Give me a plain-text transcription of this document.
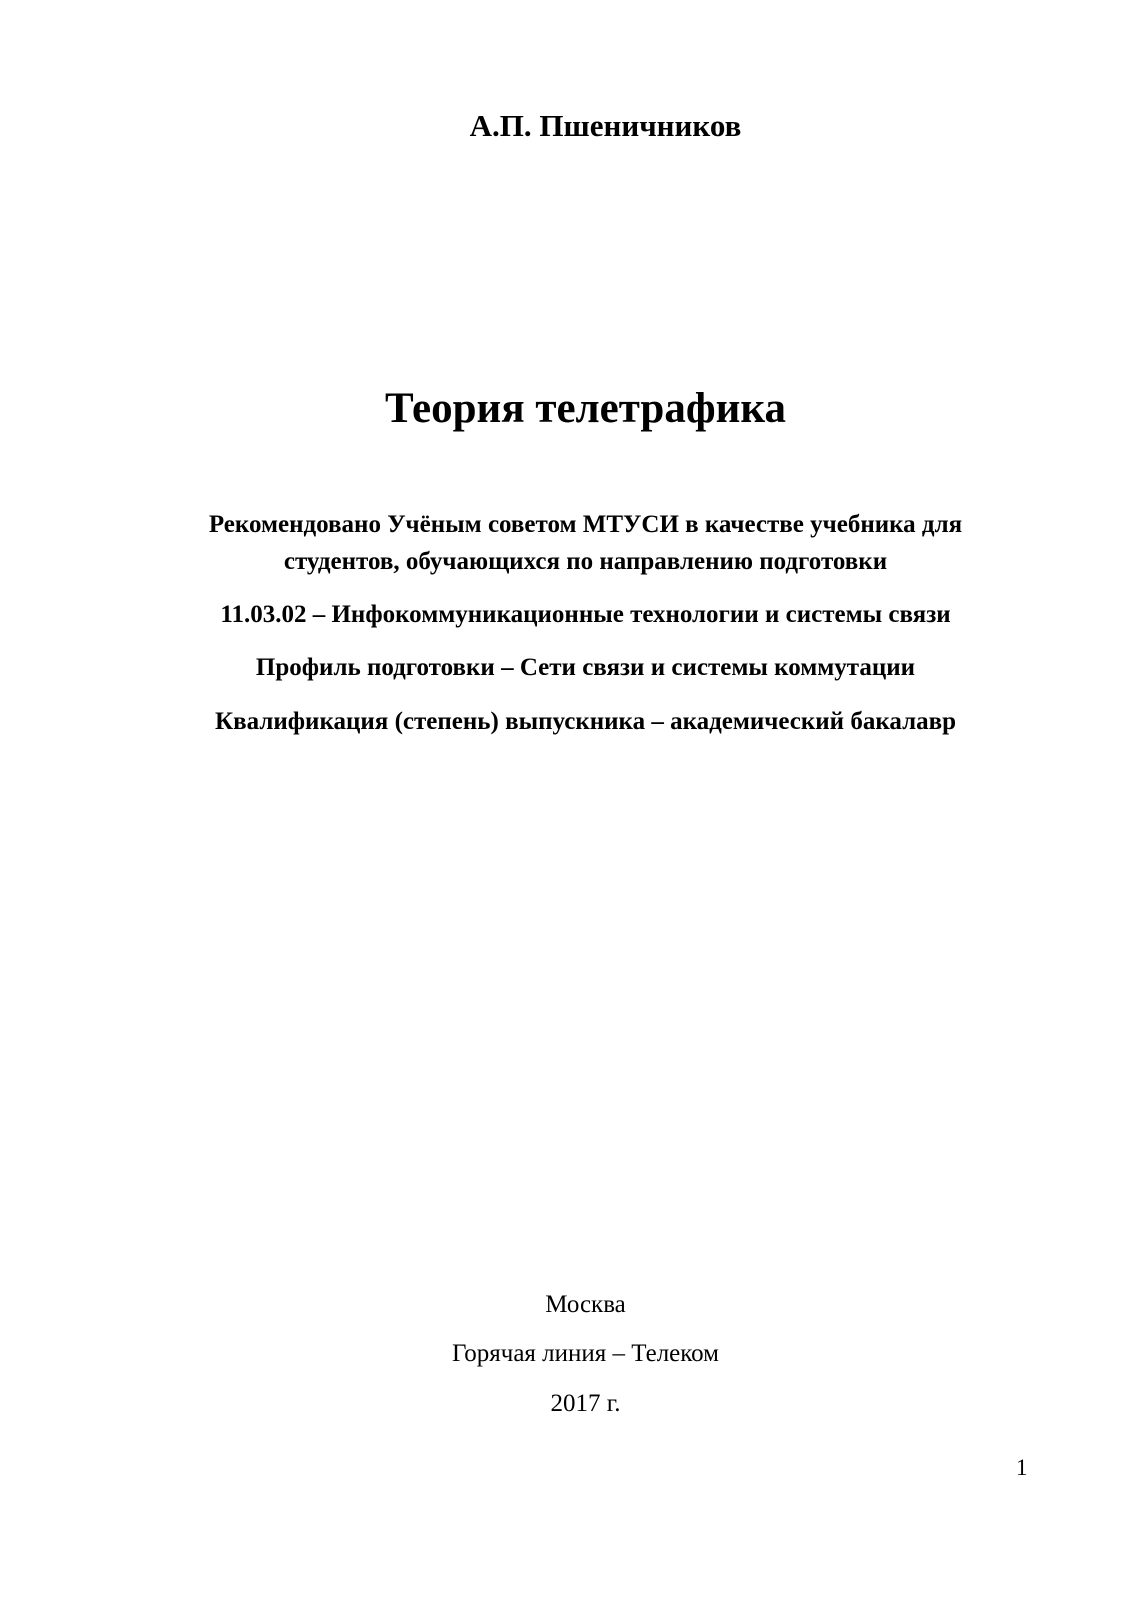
А.П. Пшеничников
Теория телетрафика
Рекомендовано Учёным советом МТУСИ в качестве учебника для
студентов, обучающихся по направлению подготовки
11.03.02 – Инфокоммуникационные технологии и системы связи
Профиль подготовки – Сети связи и системы коммутации
Квалификация (степень) выпускника – академический бакалавр
Москва
Горячая линия – Телеком
2017 г.
1
